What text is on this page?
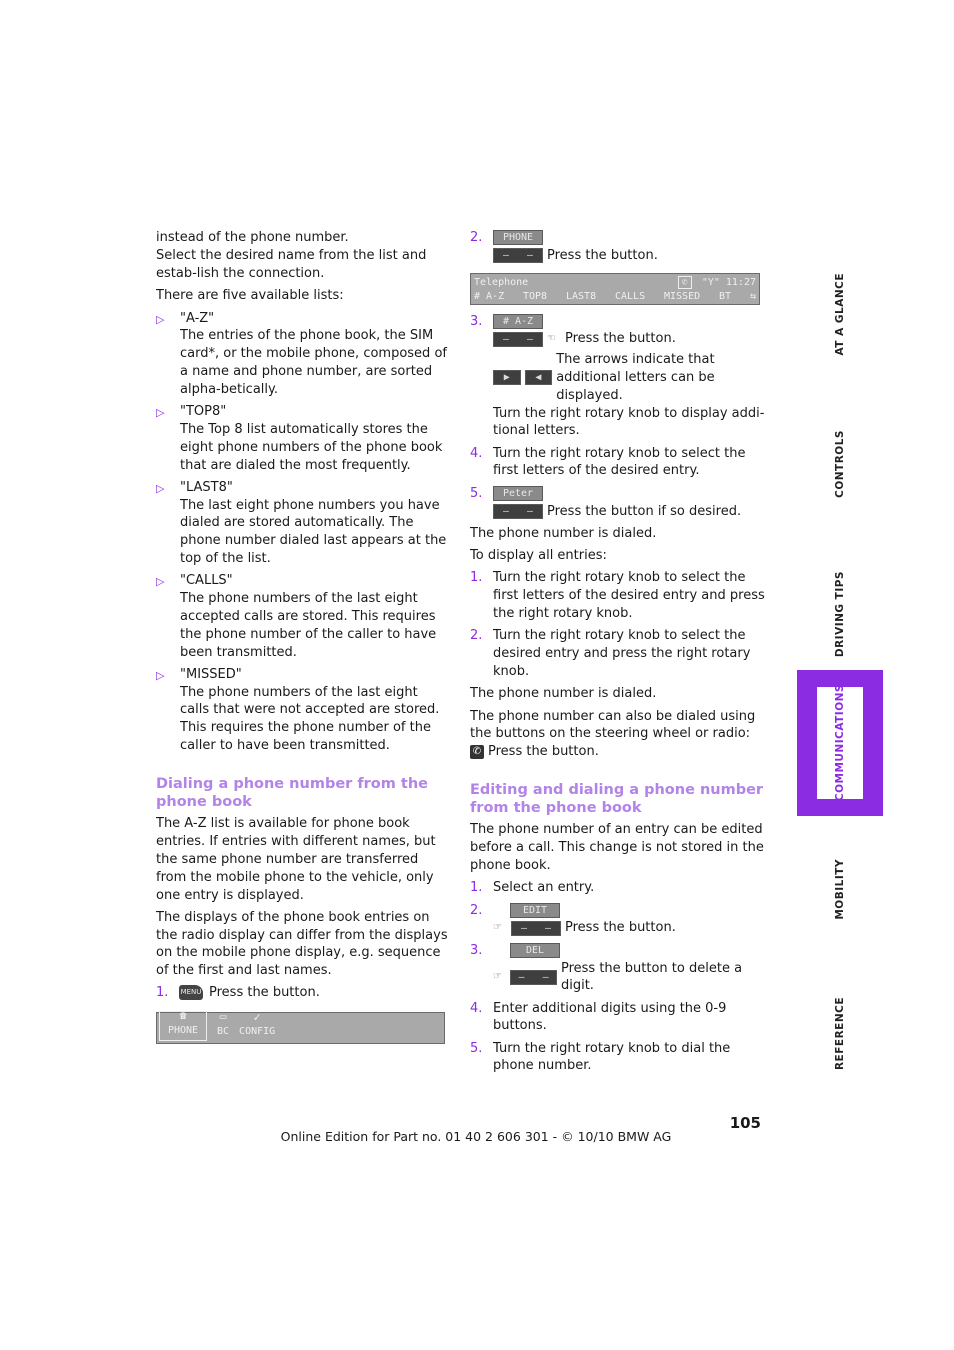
instead of the phone number.

Select the desired name from the list and estab-lish the connection.

There are five available lists:

▷ "A-Z"
The entries of the phone book, the SIM card*, or the mobile phone, composed of a name and phone number, are sorted alpha-betically.
▷ "TOP8"
The Top 8 list automatically stores the eight phone numbers of the phone book that are dialed the most frequently.
▷ "LAST8"
The last eight phone numbers you have dialed are stored automatically. The phone number dialed last appears at the top of the list.
▷ "CALLS"
The phone numbers of the last eight accepted calls are stored. This requires the phone number of the caller to have been transmitted.
▷ "MISSED"
The phone numbers of the last eight calls that were not accepted are stored. This requires the phone number of the caller to have been transmitted.
Dialing a phone number from the phone book

The A-Z list is available for phone book entries. If entries with different names, but the same phone number are transferred from the mobile phone to the vehicle, only one entry is displayed.

The displays of the phone book entries on the radio display can differ from the displays on the mobile phone display, e.g. sequence of the first and last names.

1. MENU Press the button.
☎
PHONE
▭
BC
✓
CONFIG
2.	PHONE
–   –	Press the button.
Telephone	✆ "Y" 11:27
# A-Z TOP8 LAST8 CALLS MISSED BT ⇆
3.	# A-Z
–   –	☜ Press the button.
▶	◀
The arrows indicate that additional letters can be displayed.
Turn the right rotary knob to display addi-tional letters.
4. Turn the right rotary knob to select the first letters of the desired entry.
5.	Peter
–   –	Press the button if so desired.

The phone number is dialed.

To display all entries:

1. Turn the right rotary knob to select the first letters of the desired entry and press the right rotary knob.
2. Turn the right rotary knob to select the desired entry and press the right rotary knob.

The phone number is dialed.

The phone number can also be dialed using the buttons on the steering wheel or radio:

✆ Press the button.

Editing and dialing a phone number from the phone book

The phone number of an entry can be edited before a call. This change is not stored in the phone book.

1. Select an entry.
2.	EDIT
☞	–   –	Press the button.
3.	DEL
☞	–   –
Press the button to delete a digit.
4. Enter additional digits using the 0-9 buttons.
5. Turn the right rotary knob to dial the phone number.
AT A GLANCE
CONTROLS
DRIVING TIPS
COMMUNICATIONS
MOBILITY
REFERENCE
105
Online Edition for Part no. 01 40 2 606 301 - © 10/10 BMW AG
